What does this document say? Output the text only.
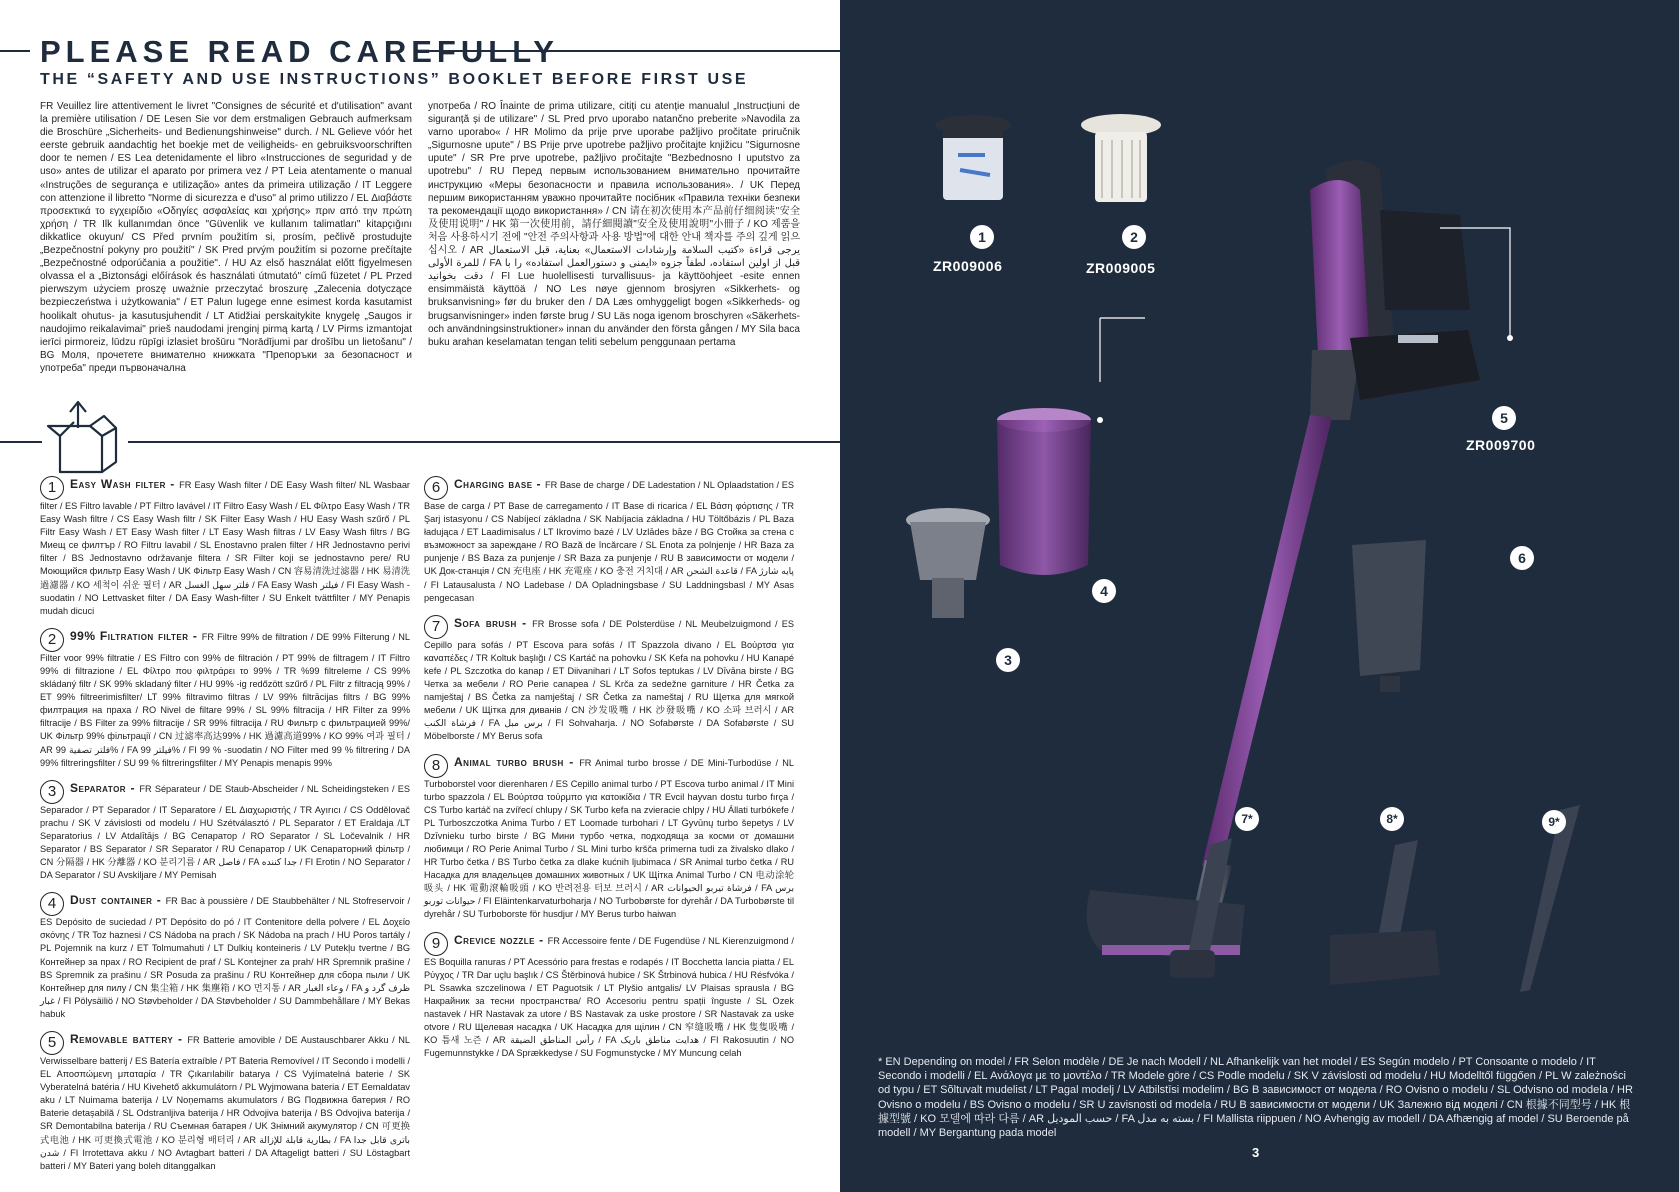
PLEASE READ CAREFULLY
THE “SAFETY AND USE INSTRUCTIONS” BOOKLET BEFORE FIRST USE
FR Veuillez lire attentivement le livret "Consignes de sécurité et d'utilisation" avant la première utilisation / DE Lesen Sie vor dem erstmaligen Gebrauch aufmerksam die Broschüre „Sicherheits- und Bedienungshinweise" durch. / NL Gelieve vóór het eerste gebruik aandachtig het boekje met de veiligheids- en gebruiksvoorschriften door te nemen / ES Lea detenidamente el libro «Instrucciones de seguridad y de uso» antes de utilizar el aparato por primera vez / PT Leia atentamente o manual «Instruções de segurança e utilização» antes da primeira utilização / IT Leggere con attenzione il libretto "Norme di sicurezza e d'uso" al primo utilizzo / EL Διαβάστε προσεκτικά το εγχειρίδιο «Οδηγίες ασφαλείας και χρήσης» πριν από την πρώτη χρήση / TR Ilk kullanımdan önce "Güvenlik ve kullanım talimatları" kitapçığını dikkatlice okuyun/ CS Před prvním použitím si, prosím, pečlivě prostudujte „Bezpečnostní pokyny pro použití" / SK Pred prvým použitím si pozorne prečítajte „Bezpečnostné odporúčania a použitie". / HU Az első használat előtt figyelmesen olvassa el a „Biztonsági előírások és használati útmutató" című füzetet / PL Przed pierwszym użyciem proszę uważnie przeczytać broszurę „Zalecenia dotyczące bezpieczeństwa i użytkowania" / ET Palun lugege enne esimest korda kasutamist hoolikalt ohutus- ja kasutusjuhendit / LT Atidžiai perskaitykite knygelę „Saugos ir naudojimo reikalavimai" prieš naudodami įrenginį pirmą kartą / LV Pirms izmantojat ierīci pirmoreiz, lūdzu rūpīgi izlasiet brošūru "Norādījumi par drošību un lietošanu" / BG Моля, прочетете внимателно книжката "Препоръки за безопасност и употреба" преди първоначална
употреба / RO Înainte de prima utilizare, citiți cu atenție manualul „Instrucțiuni de siguranță și de utilizare" / SL Pred prvo uporabo natančno preberite »Navodila za varno uporabo« / HR Molimo da prije prve uporabe pažljivo pročitate priručnik „Sigurnosne upute" / BS Prije prve upotrebe pažljivo pročitajte knjižicu "Sigurnosne upute" / SR Pre prve upotrebe, pažljivo pročitajte "Bezbednosno I uputstvo za upotrebu" / RU Перед первым использованием внимательно прочитайте инструкцию «Меры безопасности и правила использования». / UK Перед першим використанням уважно прочитайте посібник «Правила техніки безпеки та рекомендації щодо використання» / CN 请在初次使用本产品前仔细阅读"安全及使用说明" / HK 第一次使用前，請仔細閱讀"安全及使用說明"小冊子 / KO 제품을 처음 사용하시기 전에 "안전 주의사항과 사용 방법"에 대한 안내 책자를 주의 깊게 읽으십시오 / AR يرجى قراءة «كتيب السلامة وإرشادات الاستعمال» بعناية، قبل الاستعمال للمرة الأولى / FA قبل از اولین استفاده، لطفاً جزوه «ایمنی و دستورالعمل استفاده» را با دقت بخوانید / FI Lue huolellisesti turvallisuus- ja käyttöohjeet -esite ennen ensimmäistä käyttöä / NO Les nøye gjennom brosjyren «Sikkerhets- og bruksanvisning» før du bruker den / DA Læs omhyggeligt bogen «Sikkerheds- og brugsanvisninger» inden første brug / SU Läs noga igenom broschyren «Säkerhets- och användningsinstruktioner» innan du använder den första gången / MY Sila baca buku arahan keselamatan tengan teliti sebelum penggunaan pertama
1 Easy Wash filter - FR Easy Wash filter / DE Easy Wash filter/ NL Wasbaar filter / ES Filtro lavable / PT Filtro lavável / IT Filtro Easy Wash / EL Φίλτρο Easy Wash / TR Easy Wash filtre / CS Easy Wash filtr / SK Filter Easy Wash / HU Easy Wash szűrő / PL Filtr Easy Wash / ET Easy Wash filter / LT Easy Wash filtras / LV Easy Wash filtrs / BG Миещ се филтър / RO Filtru lavabil / SL Enostavno pralen filter / HR Jednostavno perivi filter / BS Jednostavno održavanje filtera / SR Filter koji se jednostavno pere/ RU Моющийся фильтр Easy Wash / UK Фільтр Easy Wash / CN 容易清洗过滤器 / HK 易清洗過濾器 / KO 세척이 쉬운 필터 / AR فلتر سهل الغسل / FA Easy Wash فیلتر / FI Easy Wash -suodatin / NO Lettvasket filter / DA Easy Wash-filter / SU Enkelt tvättfilter / MY Penapis mudah dicuci
2 99% Filtration filter - FR Filtre 99% de filtration / DE 99% Filterung / NL Filter voor 99% filtratie / ES Filtro con 99% de filtración / PT 99% de filtragem / IT Filtro 99% di filtrazione / EL Φίλτρο που φιλτράρει το 99% / TR %99 filtreleme / CS 99% skládaný filtr / SK 99% skladaný filter / HU 99% -ig redőzött szűrő / PL Filtr z filtracją 99% / ET 99% filtreerimisfilter/ LT 99% filtravimo filtras / LV 99% filtrācijas filtrs / BG 99% филтрация на праха / RO Nivel de filtare 99% / SL 99% filtracija / HR Filter za 99% filtracije / BS Filter za 99% filtracije / SR 99% filtracija / RU Фильтр с фильтрацией 99%/ UK Фільтр 99% фільтрації / CN 过滤率高达99% / HK 過濾高道99% / KO 99% 여과 필터 / AR فلتر تصفية 99% / FA فیلتر 99% / FI 99 % -suodatin / NO Filter med 99 % filtrering / DA 99% filtreringsfilter / SU 99 % filtreringsfilter / MY Penapis menapis 99%
3 Separator - FR Séparateur / DE Staub-Abscheider / NL Scheidingsteken / ES Separador / PT Separador / IT Separatore / EL Διαχωριστής / TR Ayırıcı / CS Oddělovač prachu / SK V závislosti od modelu / HU Szétválasztó / PL Separator / ET Eraldaja /LT Separatorius / LV Atdalītājs / BG Сепаратор / RO Separator / SL Ločevalnik / HR Separator / BS Separator / SR Separator / RU Сепаратор / UK Сепараторний фільтр / CN 分隔器 / HK 分離器 / KO 분리기름 / AR فاصل / FA جدا کننده / FI Erotin / NO Separator / DA Separator / SU Avskiljare / MY Pemisah
4 Dust container - FR Bac à poussière / DE Staubbehälter / NL Stofreservoir / ES Depósito de suciedad / PT Depósito do pó / IT Contenitore della polvere / EL Δοχείο σκόνης / TR Toz haznesi / CS Nádoba na prach / SK Nádoba na prach / HU Poros tartály / PL Pojemnik na kurz / ET Tolmumahuti / LT Dulkių konteineris / LV Putekļu tvertne / BG Контейнер за прах / RO Recipient de praf / SL Kontejner za prah/ HR Spremnik prašine / BS Spremnik za prašinu / SR Posuda za prašinu / RU Контейнер для сбора пыли / UK Контейнер для пилу / CN 集尘箱 / HK 集塵箱 / KO 먼지통 / AR وعاء الغبار / FA ظرف گرد و غبار / FI Pölysäiliö / NO Støvbeholder / DA Støvbeholder / SU Dammbehållare / MY Bekas habuk
5 Removable battery - FR Batterie amovible / DE Austauschbarer Akku / NL Verwisselbare batterij / ES Batería extraíble / PT Bateria Removível / IT Secondo i modelli / EL Αποσπώμενη μπαταρία / TR Çıkarılabilir batarya / CS Vyjímatelná baterie / SK Vyberatelná batéria / HU Kivehető akkumulátorn / PL Wyjmowana bateria / ET Eemaldatav aku / LT Nuimama baterija / LV Noņemams akumulators / BG Подвижна батерия / RO Baterie detașabilă / SL Odstranljiva baterija / HR Odvojiva baterija / BS Odvojiva baterija / SR Demontabilna baterija / RU Съемная батарея / UK Знімний акумулятор / CN 可更换式电池 / HK 可更換式電池 / KO 분리형 배터리 / AR بطارية قابلة للإزالة / FA باتری قابل جدا شدن / FI Irrotettava akku / NO Avtagbart batteri / DA Aftageligt batteri / SU Löstagbart batteri / MY Bateri yang boleh ditanggalkan
6 Charging base - FR Base de charge / DE Ladestation / NL Oplaadstation / ES Base de carga / PT Base de carregamento / IT Base di ricarica / EL Βάση φόρτισης / TR Şarj istasyonu / CS Nabíjecí základna / SK Nabíjacia základna / HU Töltőbázis / PL Baza ładująca / ET Laadimisalus / LT Ikrovimo bazė / LV Uzlādes bāze / BG Стойка за стена с възможност за зареждане / RO Bază de încărcare / SL Enota za polnjenje / HR Baza za punjenje / BS Baza za punjenje / SR Baza za punjenje / RU В зависимости от модели / UK Док-станція / CN 充电座 / HK 充電座 / KO 충전 거치대 / AR قاعدة الشحن / FA پایه شارژ / FI Latausalusta / NO Ladebase / DA Opladningsbase / SU Laddningsbasl / MY Asas pengecasan
7 Sofa brush - FR Brosse sofa / DE Polsterdüse / NL Meubelzuigmond / ES Cepillo para sofás / PT Escova para sofás / IT Spazzola divano / EL Βούρτσα για καναπέδες / TR Koltuk başlığı / CS Kartáč na pohovku / SK Kefa na pohovku / HU Kanapé kefe / PL Szczotka do kanap / ET Diivanihari / LT Sofos teptukas / LV Dīvāna birste / BG Четка за мебели / RO Perie canapea / SL Krča za sedežne garniture / HR Četka za namještaj / BS Četka za namještaj / SR Četka za nameštaj / RU Щетка для мягкой мебели / UK Щітка для диванів / CN 沙发吸嘴 / HK 沙發吸嘴 / KO 소파 브러시 / AR فرشاة الكنب / FA برس مبل / FI Sohvaharja. / NO Sofabørste / DA Sofabørste / SU Möbelborste / MY Berus sofa
8 Animal turbo brush - FR Animal turbo brosse / DE Mini-Turbodüse / NL Turboborstel voor dierenharen / ES Cepillo animal turbo / PT Escova turbo animal / IT Mini turbo spazzola / EL Βούρτσα τούρμπο για κατοικίδια / TR Evcil hayvan dostu turbo fırça / CS Turbo kartáč na zvířecí chlupy / SK Turbo kefa na zvieracie chlpy / HU Állati turbókefe / PL Turboszczotka Anima Turbo / ET Loomade turbohari / LT Gyvūnų turbo šepetys / LV Dzīvnieku turbo birste / BG Мини турбо четка, подходяща за косми от домашни любимци / RO Perie Animal Turbo / SL Mini turbo kršča primerna tudi za živalsko dlako / HR Turbo četka / BS Turbo četka za dlake kućnih ljubimaca / SR Animal turbo četka / RU Насадка для владельцев домашних животных / UK Щітка Animal Turbo / CN 电动涂轮吸头 / HK 電動滾輪吸頭 / KO 반려전용 터보 브러시 / AR فرشاة تيربو الحيوانات / FA برس حیوانات توربو / FI Eläintenkarvaturboharja / NO Turbobørste for dyrehår / DA Turbobørste til dyrehår / SU Turboborste för husdjur / MY Berus turbo haiwan
9 Crevice nozzle - FR Accessoire fente / DE Fugendüse / NL Kierenzuigmond / ES Boquilla ranuras / PT Acessório para frestas e rodapés / IT Bocchetta lancia piatta / EL Ρύγχος / TR Dar uçlu başlık / CS Štěrbinová hubice / SK Štrbinová hubica / HU Résfvóka / PL Ssawka szczelinowa / ET Paguotsik / LT Plyšio antgalis/ LV Plaisas sprausla / BG Накрайник за тесни пространства/ RO Accesoriu pentru spații înguste / SL Ozek nastavek / HR Nastavak za utore / BS Nastavak za uske prostore / SR Nastavak za uske otvore / RU Щелевая насадка / UK Насадка для щілин / CN 窄缝吸嘴 / HK 隻隻吸嘴 / KO 틈새 노즌 / AR رأس المناطق الضيقة / FA هدایت مناطق باریک / FI Rakosuutin / NO Fugemunnstykke / DA Sprækkedyse / SU Fogmunstycke / MY Muncung celah
1	2
3
4
5
6
7*	8*	9*
ZR009006	ZR009005
ZR009700
* EN Depending on model / FR Selon modèle / DE Je nach Modell / NL Afhankelijk van het model / ES Según modelo / PT Consoante o modelo / IT Secondo i modelli / EL Ανάλογα με το μοντέλο / TR Modele göre / CS Podle modelu / SK V závislosti od modelu / HU Modelltől függően / PL W zależności od typu / ET Sõltuvalt mudelist / LT Pagal modelj / LV Atbilstīsi modelim / BG В зависимост от модела / RO Ovisno o modelu / SL Odvisno od modela / HR Ovisno o modelu / BS Ovisno o modelu / SR U zavisnosti od modela / RU В зависимости от модели / UK Залежно від моделі / CN 根據不同型号 / HK 根據型號 / KO 모델에 따라 다름 / AR حسب الموديل / FA بسته به مدل / FI Mallista riippuen / NO Avhengig av modell / DA Afhængig af model / SU Beroende på modell / MY Bergantung pada model
3
